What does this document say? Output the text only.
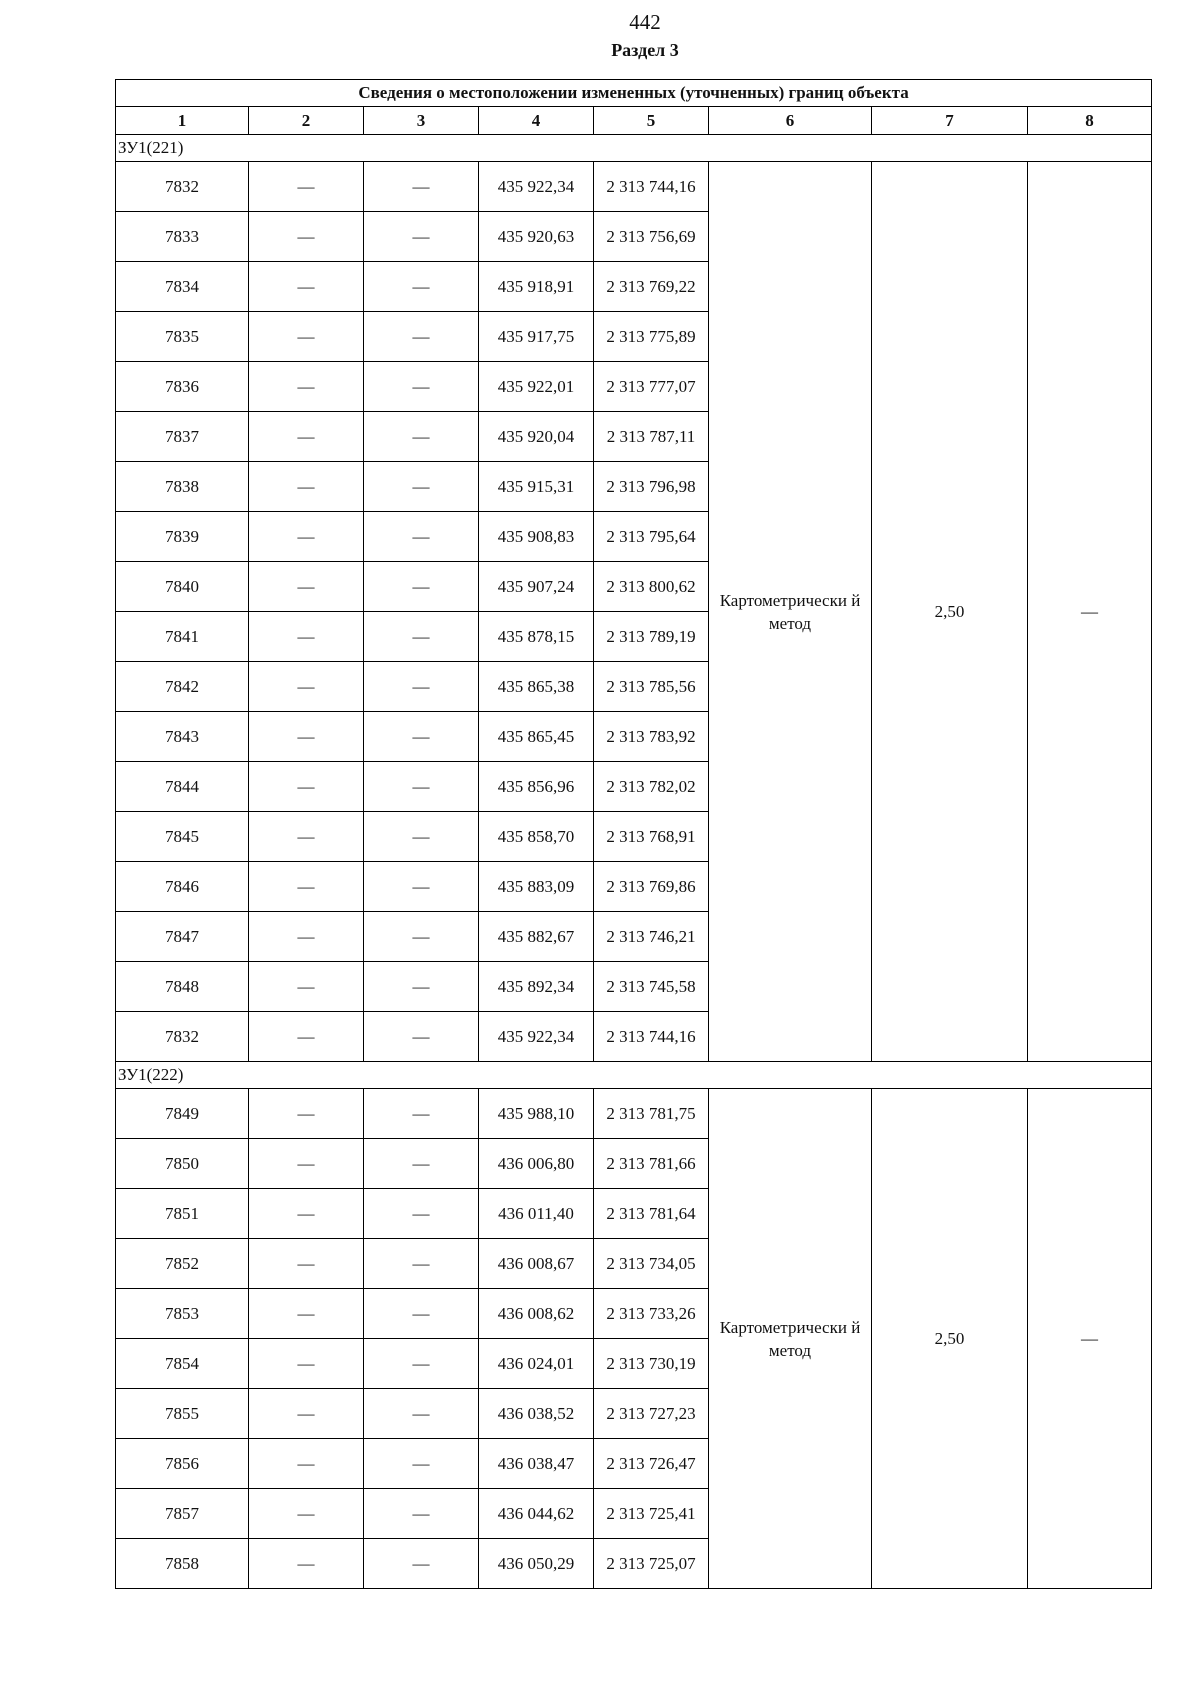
442
Раздел 3
Сведения о местоположении измененных (уточненных) границ объекта							
1	2	3	4	5	6	7	8
ЗУ1(221)							
7832	—	—	435 922,34	2 313 744,16	Картометрически й метод	2,50	—
7833	—	—	435 920,63	2 313 756,69			
7834	—	—	435 918,91	2 313 769,22			
7835	—	—	435 917,75	2 313 775,89			
7836	—	—	435 922,01	2 313 777,07			
7837	—	—	435 920,04	2 313 787,11			
7838	—	—	435 915,31	2 313 796,98			
7839	—	—	435 908,83	2 313 795,64			
7840	—	—	435 907,24	2 313 800,62			
7841	—	—	435 878,15	2 313 789,19			
7842	—	—	435 865,38	2 313 785,56			
7843	—	—	435 865,45	2 313 783,92			
7844	—	—	435 856,96	2 313 782,02			
7845	—	—	435 858,70	2 313 768,91			
7846	—	—	435 883,09	2 313 769,86			
7847	—	—	435 882,67	2 313 746,21			
7848	—	—	435 892,34	2 313 745,58			
7832	—	—	435 922,34	2 313 744,16			
ЗУ1(222)							
7849	—	—	435 988,10	2 313 781,75	Картометрически й метод	2,50	—
7850	—	—	436 006,80	2 313 781,66			
7851	—	—	436 011,40	2 313 781,64			
7852	—	—	436 008,67	2 313 734,05			
7853	—	—	436 008,62	2 313 733,26			
7854	—	—	436 024,01	2 313 730,19			
7855	—	—	436 038,52	2 313 727,23			
7856	—	—	436 038,47	2 313 726,47			
7857	—	—	436 044,62	2 313 725,41			
7858	—	—	436 050,29	2 313 725,07			
